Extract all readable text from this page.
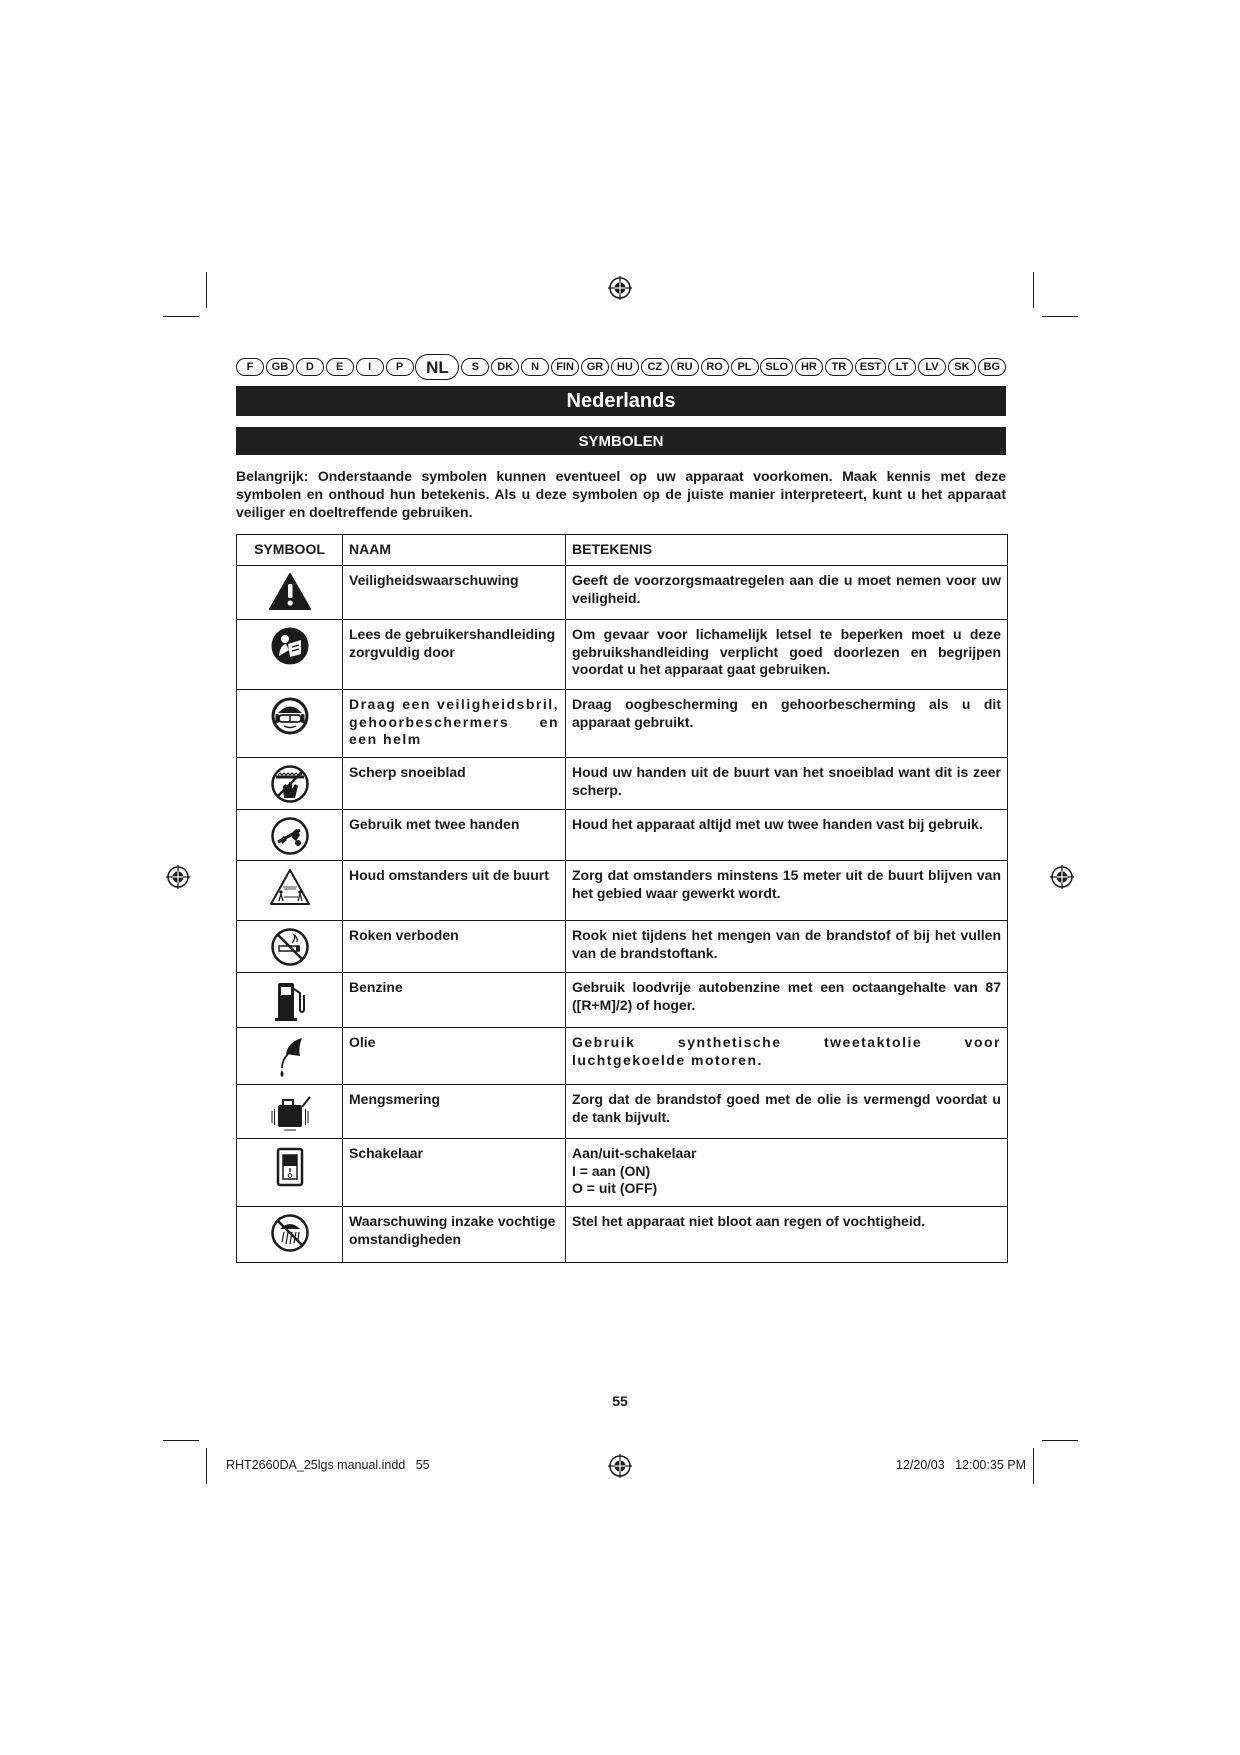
F	GB	D	E	I	P	NL	S	DK	N	FIN	GR	HU	CZ	RU	RO	PL	SLO	HR	TR	EST	LT	LV	SK	BG
Nederlands
SYMBOLEN

Belangrijk: Onderstaande symbolen kunnen eventueel op uw apparaat voorkomen. Maak kennis met deze symbolen en onthoud hun betekenis. Als u deze symbolen op de juiste manier interpreteert, kunt u het apparaat veiliger en doeltreffende gebruiken.

SYMBOOL	NAAM	BETEKENIS

	Veiligheidswaarschuwing	Geeft de voorzorgsmaatregelen aan die u moet nemen voor uw veiligheid.

	Lees de gebruikershandleiding zorgvuldig door	Om gevaar voor lichamelijk letsel te beperken moet u deze gebruikshandleiding verplicht goed doorlezen en begrijpen voordat u het apparaat gaat gebruiken.

	Draag een veiligheidsbril, gehoorbeschermers en een helm	Draag oogbescherming en gehoorbescherming als u dit apparaat gebruikt.

	Scherp snoeiblad	Houd uw handen uit de buurt van het snoeiblad want dit is zeer scherp.

	Gebruik met twee handen	Houd het apparaat altijd met uw twee handen vast bij gebruik.

	Houd omstanders uit de buurt	Zorg dat omstanders minstens 15 meter uit de buurt blijven van het gebied waar gewerkt wordt.

	Roken verboden	Rook niet tijdens het mengen van de brandstof of bij het vullen van de brandstoftank.

	Benzine	Gebruik loodvrije autobenzine met een octaangehalte van 87 ([R+M]/2) of hoger.

	Olie	Gebruik synthetische tweetaktolie voor luchtgekoelde motoren.

	Mengsmering	Zorg dat de brandstof goed met de olie is vermengd voordat u de tank bijvult.

	Schakelaar	Aan/uit-schakelaar
I = aan (ON)
O = uit (OFF)

	Waarschuwing inzake vochtige omstandigheden	Stel het apparaat niet bloot aan regen of vochtigheid.
55
RHT2660DA_25lgs manual.indd   55	12/20/03   12:00:35 PM
